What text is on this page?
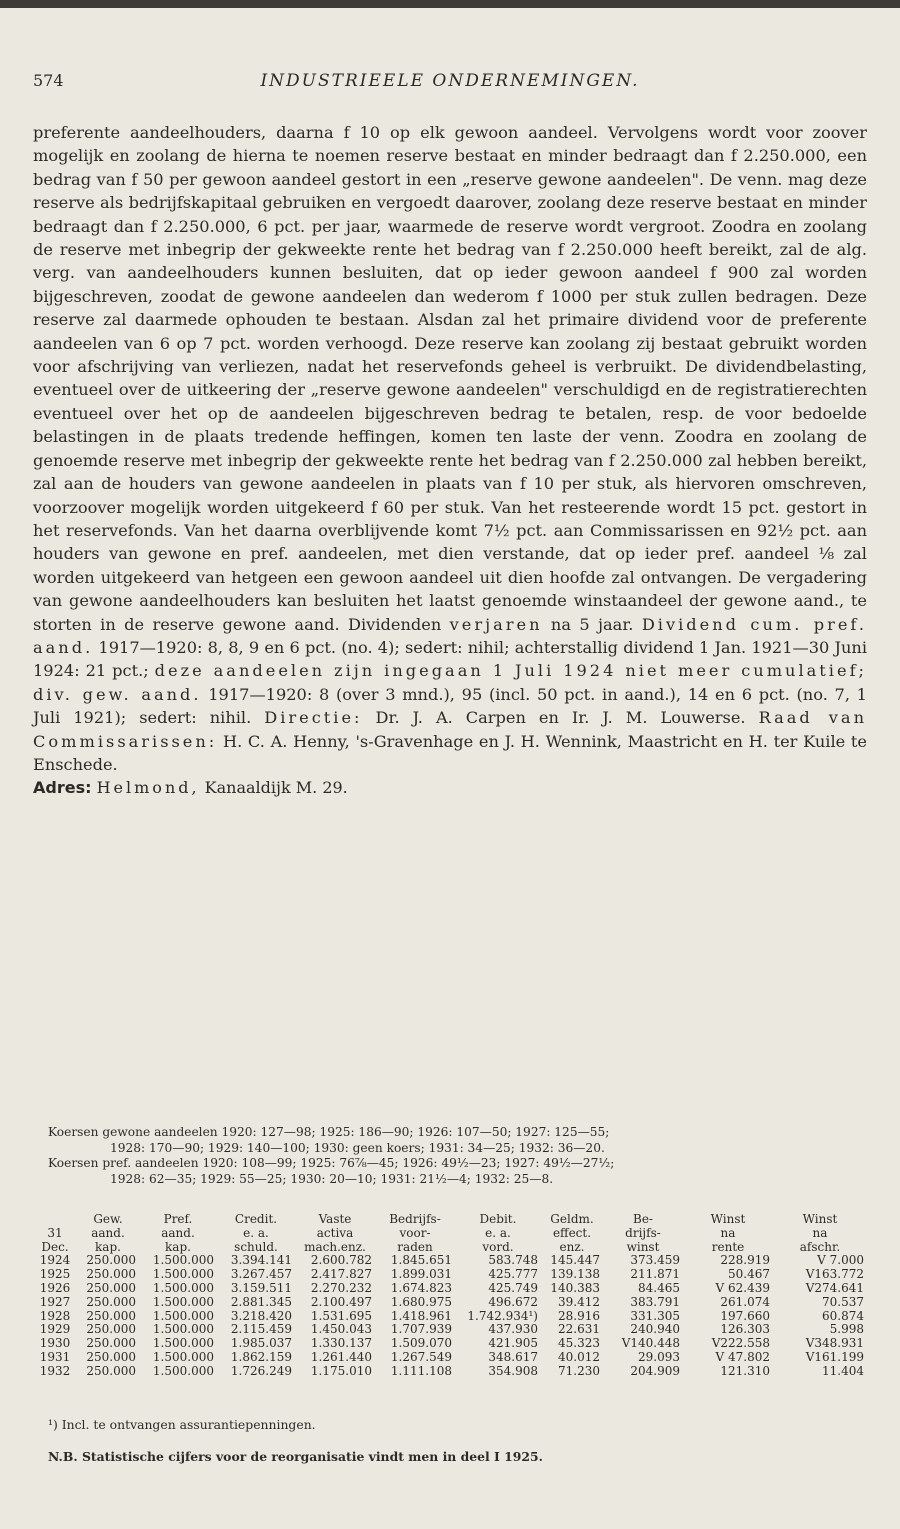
574	INDUSTRIEELE ONDERNEMINGEN.

preferente aandeelhouders, daarna f 10 op elk gewoon aandeel. Vervolgens wordt voor zoover mogelijk en zoolang de hierna te noemen reserve bestaat en minder bedraagt dan f 2.250.000, een bedrag van f 50 per gewoon aandeel gestort in een „reserve gewone aandeelen". De venn. mag deze reserve als bedrijfskapitaal gebruiken en vergoedt daarover, zoolang deze reserve bestaat en minder bedraagt dan f 2.250.000, 6 pct. per jaar, waarmede de reserve wordt vergroot. Zoodra en zoolang de reserve met inbegrip der gekweekte rente het bedrag van f 2.250.000 heeft bereikt, zal de alg. verg. van aandeelhouders kunnen besluiten, dat op ieder gewoon aandeel f 900 zal worden bijgeschreven, zoodat de gewone aandeelen dan wederom f 1000 per stuk zullen bedragen. Deze reserve zal daarmede ophouden te bestaan. Alsdan zal het primaire dividend voor de preferente aandeelen van 6 op 7 pct. worden verhoogd. Deze reserve kan zoolang zij bestaat gebruikt worden voor afschrijving van verliezen, nadat het reservefonds geheel is verbruikt. De dividendbelasting, eventueel over de uitkeering der „reserve gewone aandeelen" verschuldigd en de registratierechten eventueel over het op de aandeelen bijgeschreven bedrag te betalen, resp. de voor bedoelde belastingen in de plaats tredende heffingen, komen ten laste der venn. Zoodra en zoolang de genoemde reserve met inbegrip der gekweekte rente het bedrag van f 2.250.000 zal hebben bereikt, zal aan de houders van gewone aandeelen in plaats van f 10 per stuk, als hiervoren omschreven, voorzoover mogelijk worden uitgekeerd f 60 per stuk. Van het resteerende wordt 15 pct. gestort in het reservefonds. Van het daarna overblijvende komt 7½ pct. aan Commissarissen en 92½ pct. aan houders van gewone en pref. aandeelen, met dien verstande, dat op ieder pref. aandeel ⅛ zal worden uitgekeerd van hetgeen een gewoon aandeel uit dien hoofde zal ontvangen. De vergadering van gewone aandeelhouders kan besluiten het laatst genoemde winstaandeel der gewone aand., te storten in de reserve gewone aand. Dividenden verjaren na 5 jaar. Dividend cum. pref. aand. 1917—1920: 8, 8, 9 en 6 pct. (no. 4); sedert: nihil; achterstallig dividend 1 Jan. 1921—30 Juni 1924: 21 pct.; deze aandeelen zijn ingegaan 1 Juli 1924 niet meer cumulatief; div. gew. aand. 1917—1920: 8 (over 3 mnd.), 95 (incl. 50 pct. in aand.), 14 en 6 pct. (no. 7, 1 Juli 1921); sedert: nihil. Directie: Dr. J. A. Carpen en Ir. J. M. Louwerse. Raad van Commissarissen: H. C. A. Henny, 's-Gravenhage en J. H. Wennink, Maastricht en H. ter Kuile te Enschede.

Adres: Helmond, Kanaaldijk M. 29.

Koersen gewone aandeelen 1920: 127—98; 1925: 186—90; 1926: 107—50; 1927: 125—55;

1928: 170—90; 1929: 140—100; 1930: geen koers; 1931: 34—25; 1932: 36—20.

Koersen pref. aandeelen 1920: 108—99; 1925: 76⅞—45; 1926: 49½—23; 1927: 49½—27½;

1928: 62—35; 1929: 55—25; 1930: 20—10; 1931: 21½—4; 1932: 25—8.

	Gew.	Pref.	Credit.	Vaste	Bedrijfs-	Debit.	Geldm.	Be-	Winst	Winst
31	aand.	aand.	e. a.	activa	voor-	e. a.	effect.	drijfs-	na	na
Dec.	kap.	kap.	schuld.	mach.enz.	raden	vord.	enz.	winst	rente	afschr.
1924	250.000	1.500.000	3.394.141	2.600.782	1.845.651	583.748	145.447	373.459	228.919	V 7.000
1925	250.000	1.500.000	3.267.457	2.417.827	1.899.031	425.777	139.138	211.871	50.467	V163.772
1926	250.000	1.500.000	3.159.511	2.270.232	1.674.823	425.749	140.383	84.465	V 62.439	V274.641
1927	250.000	1.500.000	2.881.345	2.100.497	1.680.975	496.672	39.412	383.791	261.074	70.537
1928	250.000	1.500.000	3.218.420	1.531.695	1.418.961	1.742.934¹)	28.916	331.305	197.660	60.874
1929	250.000	1.500.000	2.115.459	1.450.043	1.707.939	437.930	22.631	240.940	126.303	5.998
1930	250.000	1.500.000	1.985.037	1.330.137	1.509.070	421.905	45.323	V140.448	V222.558	V348.931
1931	250.000	1.500.000	1.862.159	1.261.440	1.267.549	348.617	40.012	29.093	V 47.802	V161.199
1932	250.000	1.500.000	1.726.249	1.175.010	1.111.108	354.908	71.230	204.909	121.310	11.404
¹) Incl. te ontvangen assurantiepenningen.
N.B. Statistische cijfers voor de reorganisatie vindt men in deel I 1925.
